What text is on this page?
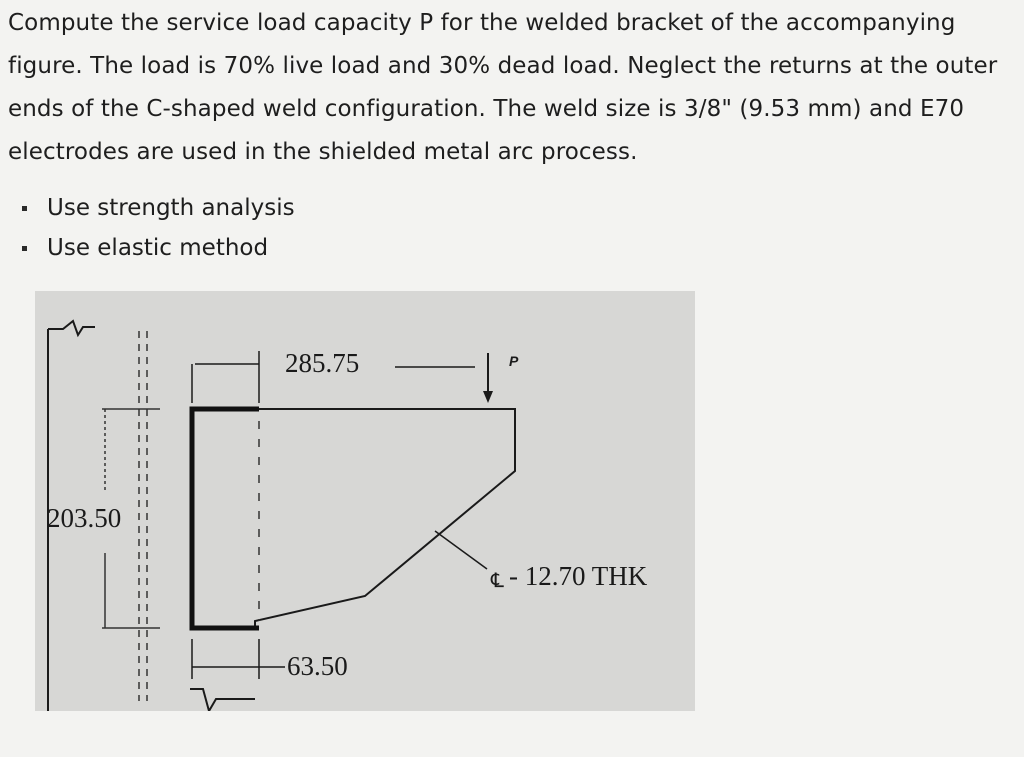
Compute the service load capacity P for the welded bracket of the accompanying

figure. The load is 70% live load and 30% dead load. Neglect the returns at the outer

ends of the C-shaped weld configuration. The weld size is 3/8" (9.53 mm) and E70

electrodes are used in the shielded metal arc process.

Use strength analysis
Use elastic method
285.75	P
203.50
℄ - 12.70 THK
63.50
